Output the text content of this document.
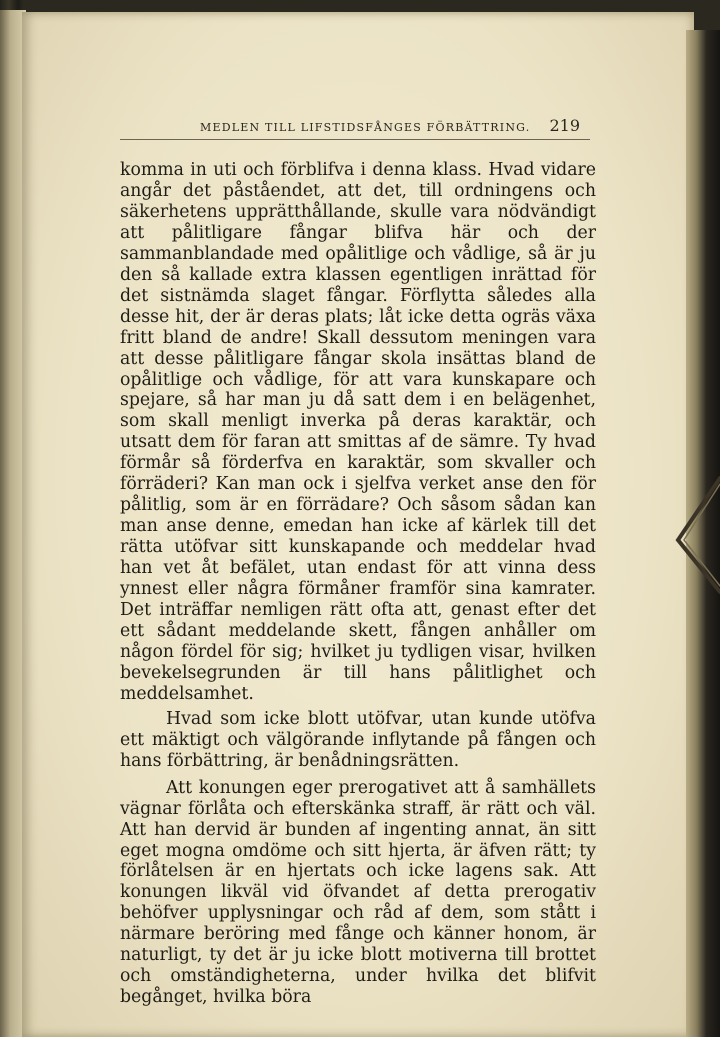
MEDLEN TILL LIFSTIDSFÅNGES FÖRBÄTTRING. 219

komma in uti och förblifva i denna klass. Hvad vidare angår det påståendet, att det, till ordningens och säkerhetens upprätthållande, skulle vara nödvändigt att pålitligare fångar blifva här och der sammanblandade med opålitlige och vådlige, så är ju den så kallade extra klassen egentligen inrättad för det sistnämda slaget fångar. Förflytta således alla desse hit, der är deras plats; låt icke detta ogräs växa fritt bland de andre! Skall dessutom meningen vara att desse pålitligare fångar skola insättas bland de opålitlige och vådlige, för att vara kunskapare och spejare, så har man ju då satt dem i en belägenhet, som skall menligt inverka på deras karaktär, och utsatt dem för faran att smittas af de sämre. Ty hvad förmår så förderfva en karaktär, som skvaller och förräderi? Kan man ock i sjelfva verket anse den för pålitlig, som är en förrädare? Och såsom sådan kan man anse denne, emedan han icke af kärlek till det rätta utöfvar sitt kunskapande och meddelar hvad han vet åt befälet, utan endast för att vinna dess ynnest eller några förmåner framför sina kamrater. Det inträffar nemligen rätt ofta att, genast efter det ett sådant meddelande skett, fången anhåller om någon fördel för sig; hvilket ju tydligen visar, hvilken bevekelsegrunden är till hans pålitlighet och meddelsamhet.

Hvad som icke blott utöfvar, utan kunde utöfva ett mäktigt och välgörande inflytande på fången och hans förbättring, är benådningsrätten.

Att konungen eger prerogativet att å samhällets vägnar förlåta och efterskänka straff, är rätt och väl. Att han dervid är bunden af ingenting annat, än sitt eget mogna omdöme och sitt hjerta, är äfven rätt; ty förlåtelsen är en hjertats och icke lagens sak. Att konungen likväl vid öfvandet af detta prerogativ behöfver upplysningar och råd af dem, som stått i närmare beröring med fånge och känner honom, är naturligt, ty det är ju icke blott motiverna till brottet och omständigheterna, under hvilka det blifvit begånget, hvilka böra
